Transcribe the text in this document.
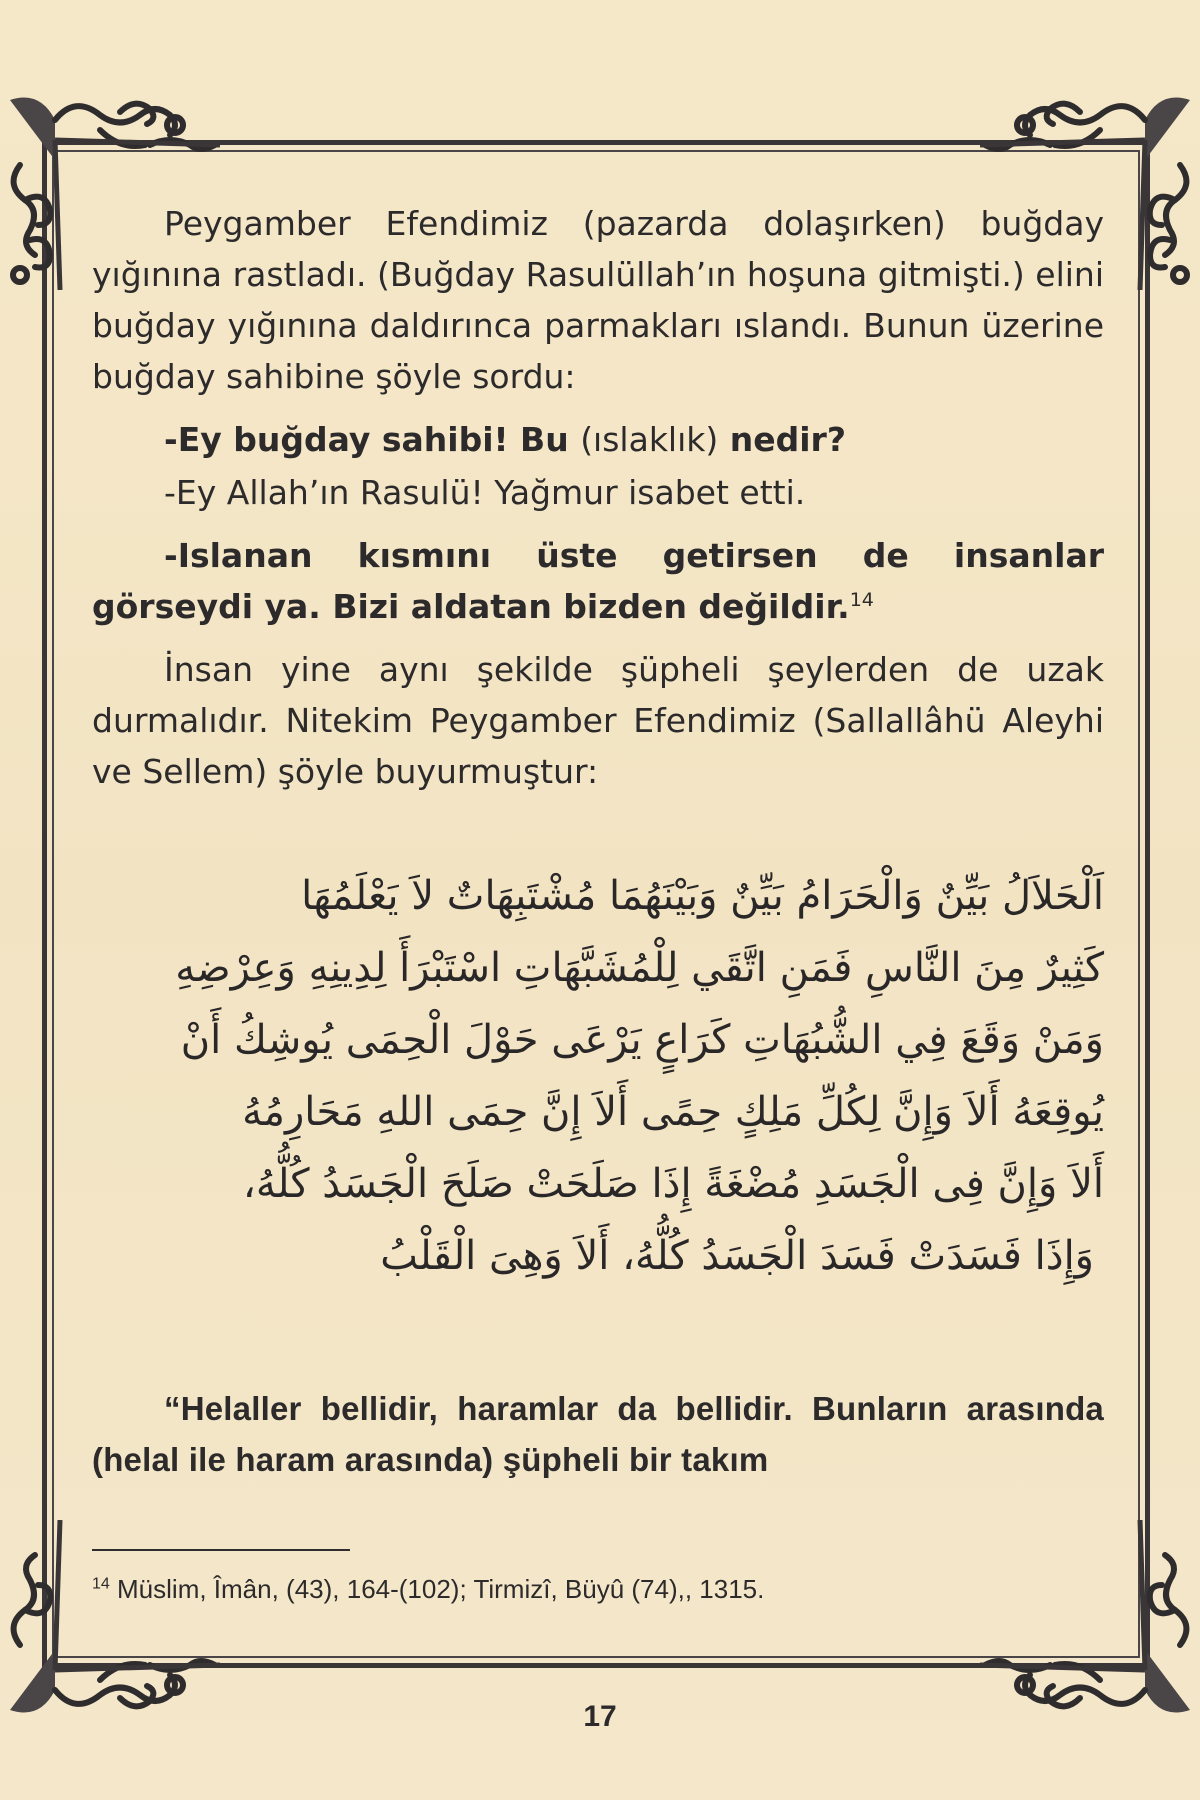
Peygamber Efendimiz (pazarda dolaşırken) buğday yığınına rastladı. (Buğday Rasulüllah’ın hoşuna gitmişti.) elini buğday yığınına daldırınca parmakları ıslandı. Bunun üzerine buğday sahibine şöyle sordu:

-Ey buğday sahibi! Bu (ıslaklık) nedir?

-Ey Allah’ın Rasulü! Yağmur isabet etti.

-Islanan kısmını üste getirsen de insanlar görseydi ya. Bizi aldatan bizden değildir.$^{14}$

İnsan yine aynı şekilde şüpheli şeylerden de uzak durmalıdır. Nitekim Peygamber Efendimiz (Sallallâhü Aleyhi ve Sellem) şöyle buyurmuştur:

اَلْحَلاَلُ بَيِّنٌ وَالْحَرَامُ بَيِّنٌ وَبَيْنَهُمَا مُشْتَبِهَاتٌ لاَ يَعْلَمُهَا

كَثِيرٌ مِنَ النَّاسِ فَمَنِ اتَّقَي لِلْمُشَبَّهَاتِ اسْتَبْرَأَ لِدِينِهِ وَعِرْضِهِ

وَمَنْ وَقَعَ فِي الشُّبُهَاتِ كَرَاعٍ يَرْعَى حَوْلَ الْحِمَى يُوشِكُ أَنْ

يُوقِعَهُ أَلاَ وَإِنَّ لِكُلِّ مَلِكٍ حِمًى أَلاَ إِنَّ حِمَى اللهِ مَحَارِمُهُ

أَلاَ وَإِنَّ فِى الْجَسَدِ مُضْغَةً إِذَا صَلَحَتْ صَلَحَ الْجَسَدُ كُلُّهُ،

وَإِذَا فَسَدَتْ فَسَدَ الْجَسَدُ كُلُّهُ، أَلاَ وَهِىَ الْقَلْبُ

“Helaller bellidir, haramlar da bellidir. Bunların arasında (helal ile haram arasında) şüpheli bir takım

$^{14}$ Müslim, Îmân, (43), 164-(102); Tirmizî, Büyû (74),, 1315.
17
